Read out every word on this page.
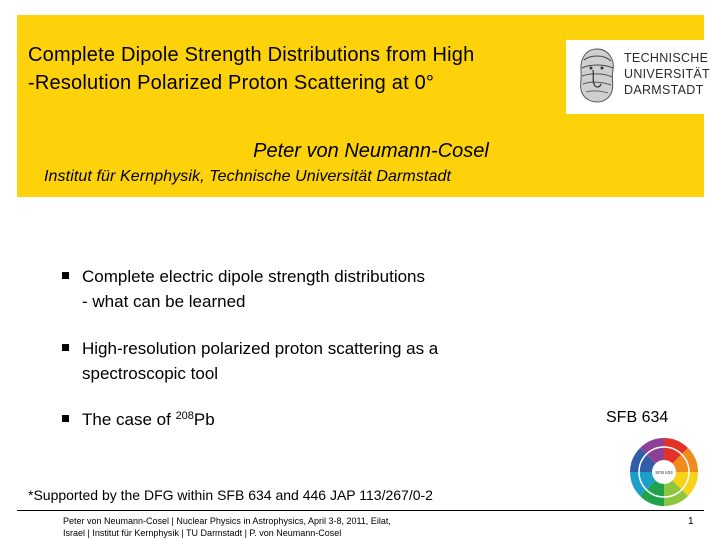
Complete Dipole Strength Distributions from High
-Resolution Polarized Proton Scattering at 0°
TECHNISCHE
UNIVERSITÄT
DARMSTADT
Peter von Neumann-Cosel
Institut für Kernphysik, Technische Universität Darmstadt
Complete electric dipole strength distributions
- what can be learned
High-resolution polarized proton scattering as a
spectroscopic tool
The case of $^{208}$Pb	SFB 634
SFB 634
*Supported by the DFG within SFB 634 and 446 JAP 113/267/0-2
Peter von Neumann-Cosel | Nuclear Physics in Astrophysics, April 3-8, 2011, Eilat,
Israel | Institut für Kernphysik | TU Darmstadt | P. von Neumann-Cosel
1
